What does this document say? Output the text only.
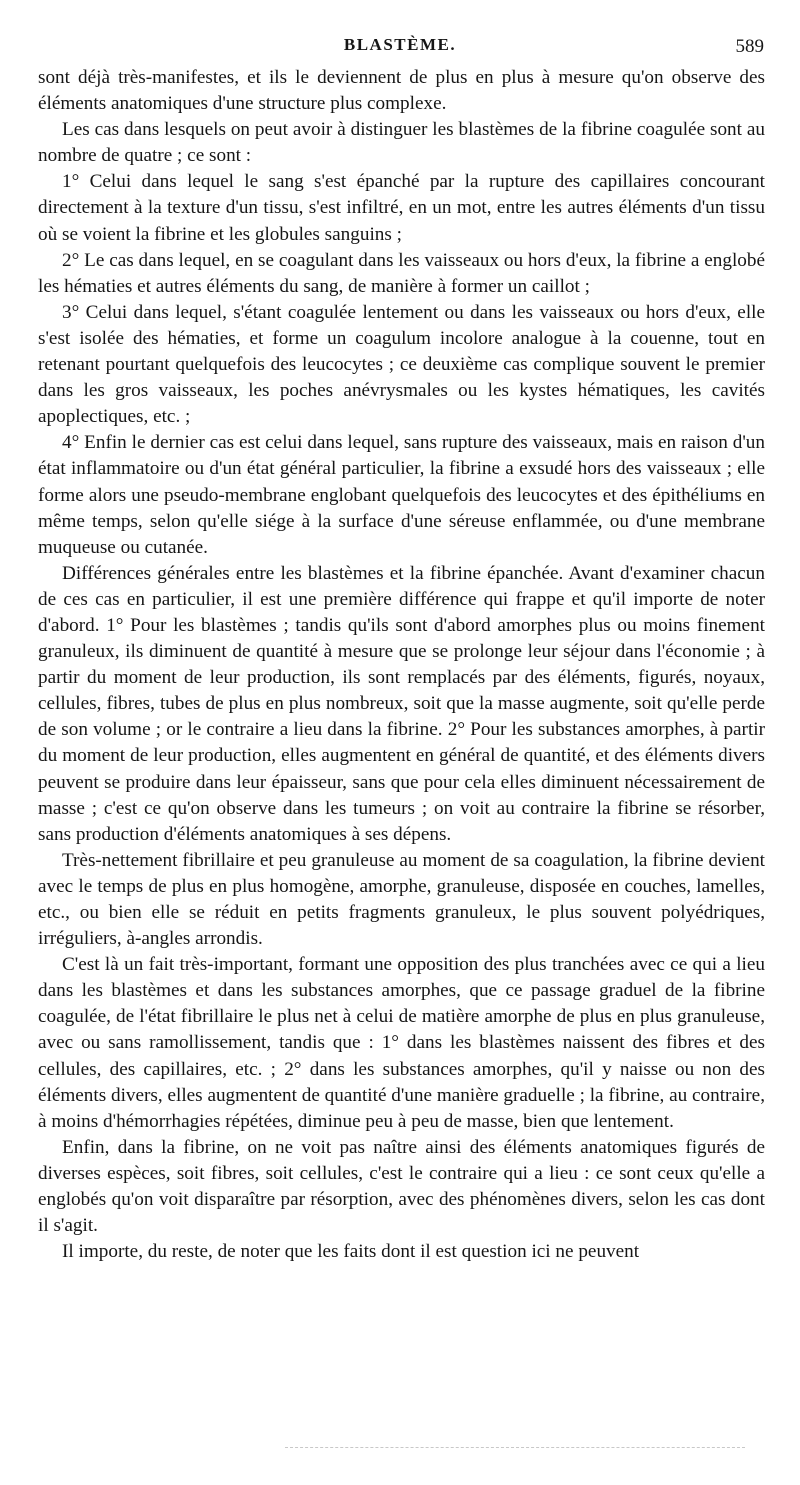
BLASTÈME.	589

sont déjà très-manifestes, et ils le deviennent de plus en plus à mesure qu'on observe des éléments anatomiques d'une structure plus complexe.

Les cas dans lesquels on peut avoir à distinguer les blastèmes de la fibrine coagulée sont au nombre de quatre ; ce sont :

1° Celui dans lequel le sang s'est épanché par la rupture des capillaires concourant directement à la texture d'un tissu, s'est infiltré, en un mot, entre les autres éléments d'un tissu où se voient la fibrine et les globules sanguins ;

2° Le cas dans lequel, en se coagulant dans les vaisseaux ou hors d'eux, la fibrine a englobé les hématies et autres éléments du sang, de manière à former un caillot ;

3° Celui dans lequel, s'étant coagulée lentement ou dans les vaisseaux ou hors d'eux, elle s'est isolée des hématies, et forme un coagulum incolore analogue à la couenne, tout en retenant pourtant quelquefois des leucocytes ; ce deuxième cas complique souvent le premier dans les gros vaisseaux, les poches anévrysmales ou les kystes hématiques, les cavités apoplectiques, etc. ;

4° Enfin le dernier cas est celui dans lequel, sans rupture des vaisseaux, mais en raison d'un état inflammatoire ou d'un état général particulier, la fibrine a exsudé hors des vaisseaux ; elle forme alors une pseudo-membrane englobant quelquefois des leucocytes et des épithéliums en même temps, selon qu'elle siége à la surface d'une séreuse enflammée, ou d'une membrane muqueuse ou cutanée.

Différences générales entre les blastèmes et la fibrine épanchée. Avant d'examiner chacun de ces cas en particulier, il est une première différence qui frappe et qu'il importe de noter d'abord. 1° Pour les blastèmes ; tandis qu'ils sont d'abord amorphes plus ou moins finement granuleux, ils diminuent de quantité à mesure que se prolonge leur séjour dans l'économie ; à partir du moment de leur production, ils sont remplacés par des éléments, figurés, noyaux, cellules, fibres, tubes de plus en plus nombreux, soit que la masse augmente, soit qu'elle perde de son volume ; or le contraire a lieu dans la fibrine. 2° Pour les substances amorphes, à partir du moment de leur production, elles augmentent en général de quantité, et des éléments divers peuvent se produire dans leur épaisseur, sans que pour cela elles diminuent nécessairement de masse ; c'est ce qu'on observe dans les tumeurs ; on voit au contraire la fibrine se résorber, sans production d'éléments anatomiques à ses dépens.

Très-nettement fibrillaire et peu granuleuse au moment de sa coagulation, la fibrine devient avec le temps de plus en plus homogène, amorphe, granuleuse, disposée en couches, lamelles, etc., ou bien elle se réduit en petits fragments granuleux, le plus souvent polyédriques, irréguliers, à-angles arrondis.

C'est là un fait très-important, formant une opposition des plus tranchées avec ce qui a lieu dans les blastèmes et dans les substances amorphes, que ce passage graduel de la fibrine coagulée, de l'état fibrillaire le plus net à celui de matière amorphe de plus en plus granuleuse, avec ou sans ramollissement, tandis que : 1° dans les blastèmes naissent des fibres et des cellules, des capillaires, etc. ; 2° dans les substances amorphes, qu'il y naisse ou non des éléments divers, elles augmentent de quantité d'une manière graduelle ; la fibrine, au contraire, à moins d'hémorrhagies répétées, diminue peu à peu de masse, bien que lentement.

Enfin, dans la fibrine, on ne voit pas naître ainsi des éléments anatomiques figurés de diverses espèces, soit fibres, soit cellules, c'est le contraire qui a lieu : ce sont ceux qu'elle a englobés qu'on voit disparaître par résorption, avec des phénomènes divers, selon les cas dont il s'agit.

Il importe, du reste, de noter que les faits dont il est question ici ne peuvent
